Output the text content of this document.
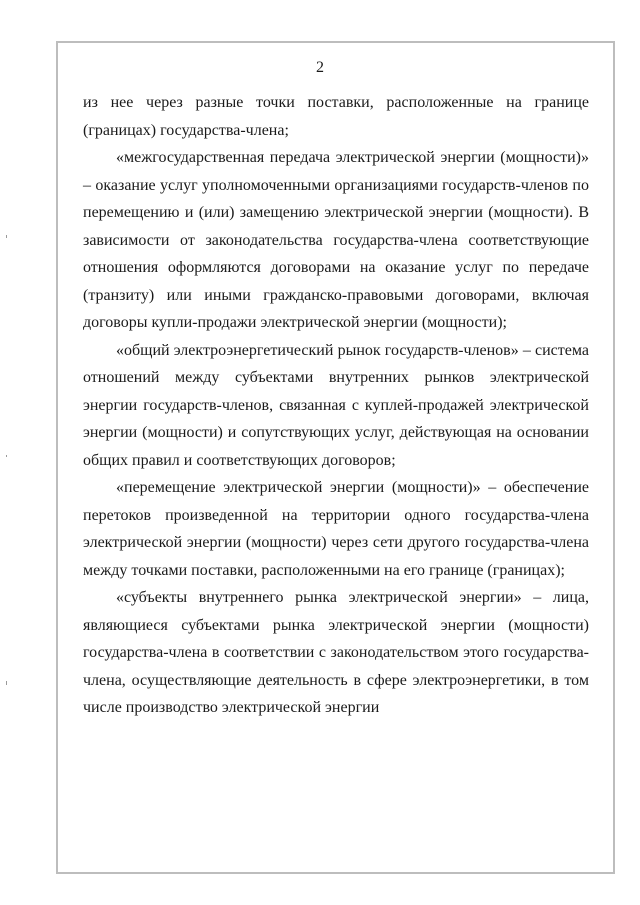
2

из нее через разные точки поставки, расположенные на границе (границах) государства-члена;

«межгосударственная передача электрической энергии (мощности)» – оказание услуг уполномоченными организациями государств-членов по перемещению и (или) замещению электрической энергии (мощности). В зависимости от законодательства государства-члена соответствующие отношения оформляются договорами на оказание услуг по передаче (транзиту) или иными гражданско-правовыми договорами, включая договоры купли-продажи электрической энергии (мощности);

«общий электроэнергетический рынок государств-членов» – система отношений между субъектами внутренних рынков электрической энергии государств-членов, связанная с куплей-продажей электрической энергии (мощности) и сопутствующих услуг, действующая на основании общих правил и соответствующих договоров;

«перемещение электрической энергии (мощности)» – обеспечение перетоков произведенной на территории одного государства-члена электрической энергии (мощности) через сети другого государства-члена между точками поставки, расположенными на его границе (границах);

«субъекты внутреннего рынка электрической энергии» – лица, являющиеся субъектами рынка электрической энергии (мощности) государства-члена в соответствии с законодательством этого государства-члена, осуществляющие деятельность в сфере электроэнергетики, в том числе производство электрической энергии
